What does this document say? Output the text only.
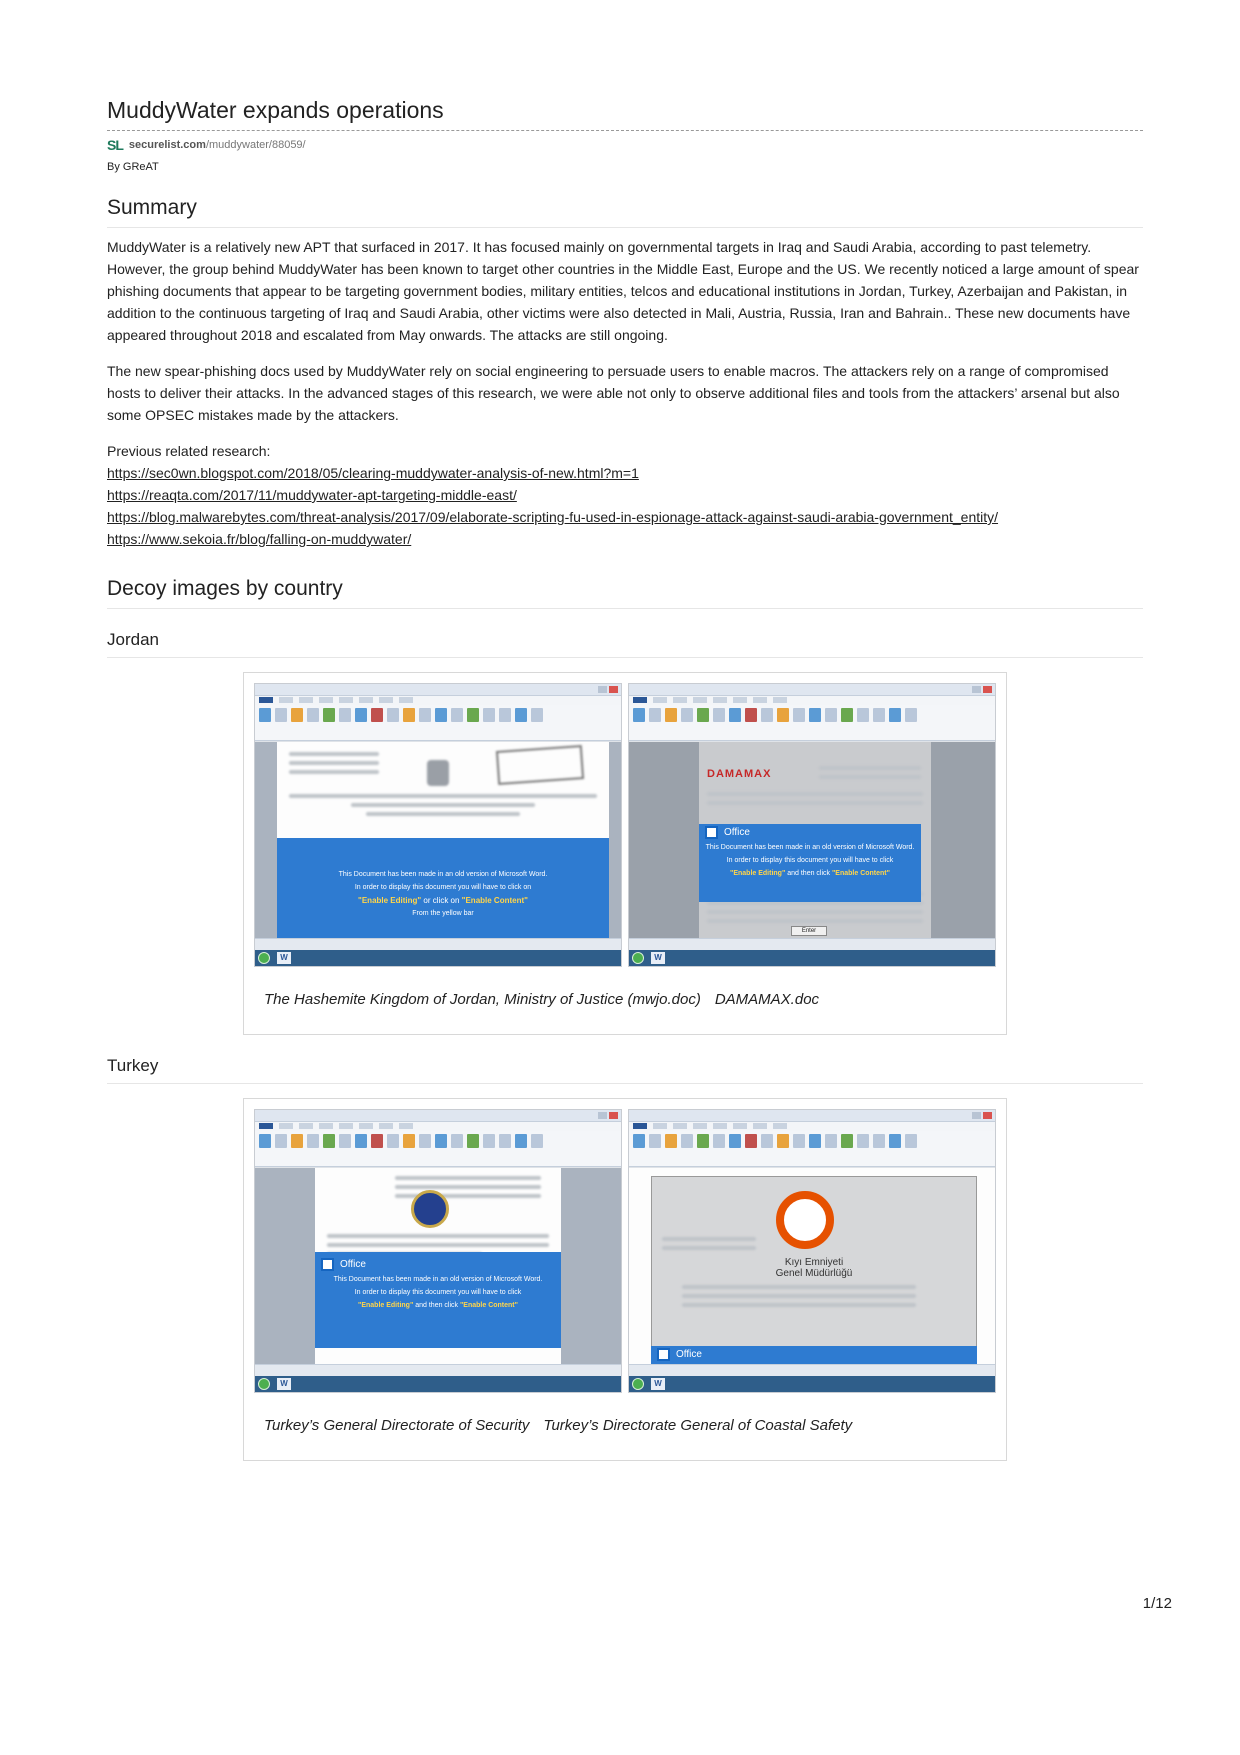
MuddyWater expands operations
SL securelist.com/muddywater/88059/
By GReAT
Summary

MuddyWater is a relatively new APT that surfaced in 2017. It has focused mainly on governmental targets in Iraq and Saudi Arabia, according to past telemetry. However, the group behind MuddyWater has been known to target other countries in the Middle East, Europe and the US. We recently noticed a large amount of spear phishing documents that appear to be targeting government bodies, military entities, telcos and educational institutions in Jordan, Turkey, Azerbaijan and Pakistan, in addition to the continuous targeting of Iraq and Saudi Arabia, other victims were also detected in Mali, Austria, Russia, Iran and Bahrain.. These new documents have appeared throughout 2018 and escalated from May onwards. The attacks are still ongoing.

The new spear-phishing docs used by MuddyWater rely on social engineering to persuade users to enable macros. The attackers rely on a range of compromised hosts to deliver their attacks. In the advanced stages of this research, we were able not only to observe additional files and tools from the attackers’ arsenal but also some OPSEC mistakes made by the attackers.

Previous related research:
https://sec0wn.blogspot.com/2018/05/clearing-muddywater-analysis-of-new.html?m=1
https://reaqta.com/2017/11/muddywater-apt-targeting-middle-east/
https://blog.malwarebytes.com/threat-analysis/2017/09/elaborate-scripting-fu-used-in-espionage-attack-against-saudi-arabia-government_entity/
https://www.sekoia.fr/blog/falling-on-muddywater/
Decoy images by country
Jordan
This Document has been made in an old version of Microsoft Word.
In order to display this document you will have to click on
"Enable Editing" or click on "Enable Content"
From the yellow bar
W
DAMAMAX
Enter
Office
This Document has been made in an old version of Microsoft Word.
In order to display this document you will have to click
"Enable Editing" and then click "Enable Content"
W
The Hashemite Kingdom of Jordan, Ministry of Justice (mwjo.doc) DAMAMAX.doc
Turkey
Office
This Document has been made in an old version of Microsoft Word.
In order to display this document you will have to click
"Enable Editing" and then click "Enable Content"
W
Kıyı Emniyeti
Genel Müdürlüğü
Office
W
Turkey’s General Directorate of Security Turkey’s Directorate General of Coastal Safety
1/12
